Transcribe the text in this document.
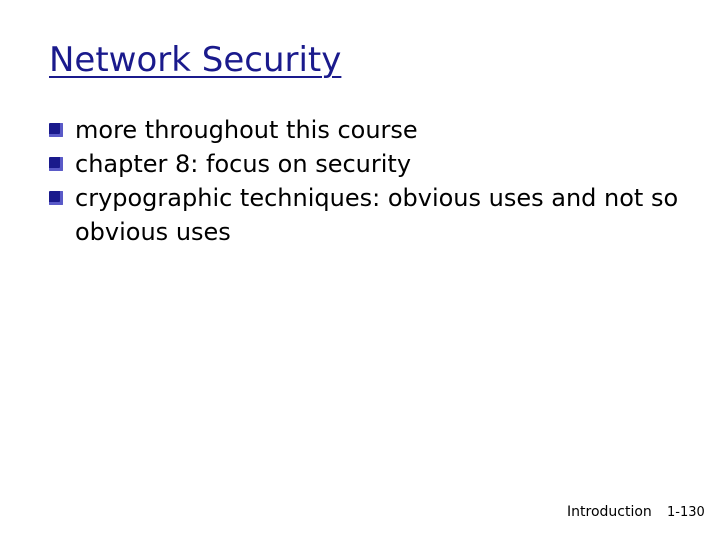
Network Security
more throughout this course
chapter 8: focus on security
crypographic techniques: obvious uses and not so obvious uses
Introduction 1-130
